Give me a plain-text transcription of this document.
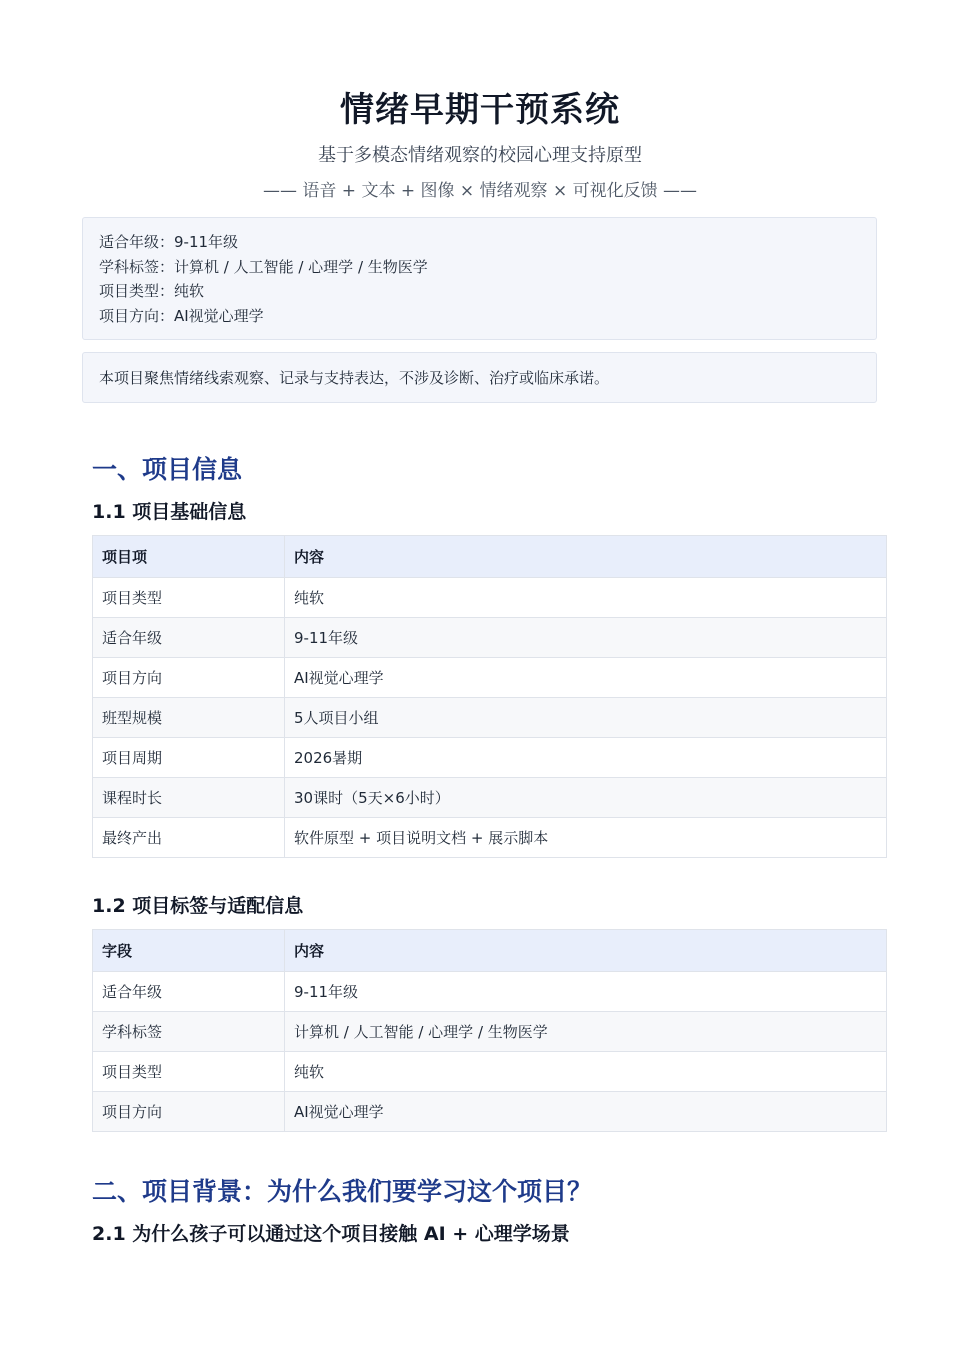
情绪早期干预系统
基于多模态情绪观察的校园心理支持原型
—— 语音 + 文本 + 图像 × 情绪观察 × 可视化反馈 ——
适合年级：9-11年级
学科标签：计算机 / 人工智能 / 心理学 / 生物医学
项目类型：纯软
项目方向：AI视觉心理学
本项目聚焦情绪线索观察、记录与支持表达，不涉及诊断、治疗或临床承诺。
一、项目信息
1.1 项目基础信息
项目项	内容
项目类型	纯软
适合年级	9-11年级
项目方向	AI视觉心理学
班型规模	5人项目小组
项目周期	2026暑期
课程时长	30课时（5天×6小时）
最终产出	软件原型 + 项目说明文档 + 展示脚本
1.2 项目标签与适配信息
字段	内容
适合年级	9-11年级
学科标签	计算机 / 人工智能 / 心理学 / 生物医学
项目类型	纯软
项目方向	AI视觉心理学
二、项目背景：为什么我们要学习这个项目？
2.1 为什么孩子可以通过这个项目接触 AI + 心理学场景
